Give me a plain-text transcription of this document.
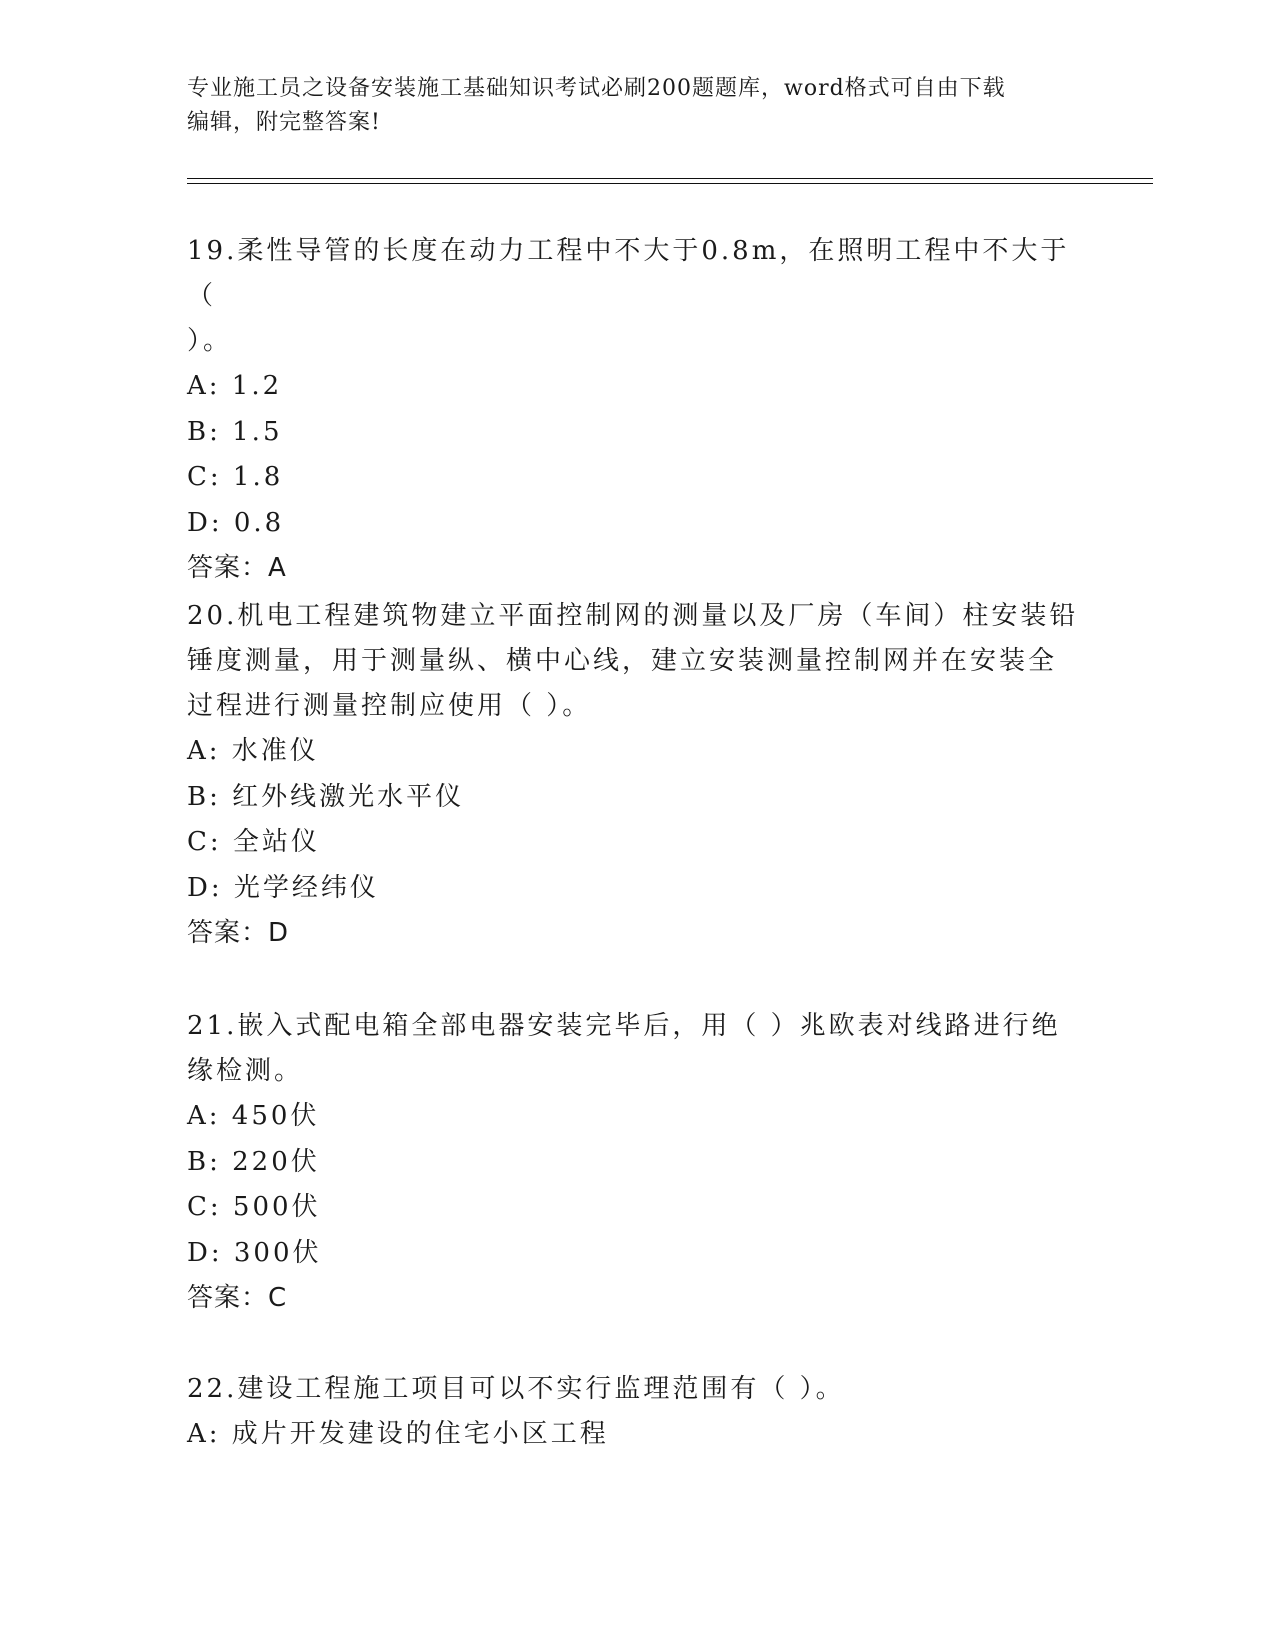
专业施工员之设备安装施工基础知识考试必刷200题题库，word格式可自由下载
编辑，附完整答案!

19.柔性导管的长度在动力工程中不大于0.8m，在照明工程中不大于（

）。

A: 1.2

B: 1.5

C: 1.8

D: 0.8

答案：A

20.机电工程建筑物建立平面控制网的测量以及厂房（车间）柱安装铅

锤度测量，用于测量纵、横中心线，建立安装测量控制网并在安装全

过程进行测量控制应使用（ ）。

A: 水准仪

B: 红外线激光水平仪

C: 全站仪

D: 光学经纬仪

答案：D

21.嵌入式配电箱全部电器安装完毕后，用（ ）兆欧表对线路进行绝

缘检测。

A: 450伏

B: 220伏

C: 500伏

D: 300伏

答案：C

22.建设工程施工项目可以不实行监理范围有（ ）。

A: 成片开发建设的住宅小区工程
